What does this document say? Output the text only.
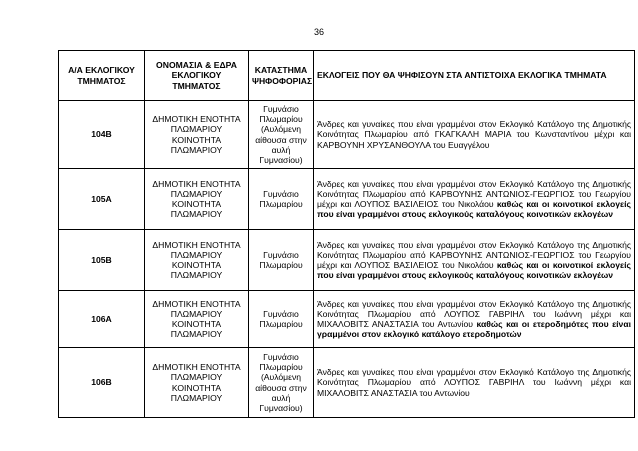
36
Α/Α ΕΚΛΟΓΙΚΟΥ ΤΜΗΜΑΤΟΣ	ΟΝΟΜΑΣΙΑ & ΕΔΡΑ ΕΚΛΟΓΙΚΟΥ ΤΜΗΜΑΤΟΣ	ΚΑΤΑΣΤΗΜΑ ΨΗΦΟΦΟΡΙΑΣ	ΕΚΛΟΓΕΙΣ ΠΟΥ ΘΑ ΨΗΦΙΣΟΥΝ ΣΤΑ ΑΝΤΙΣΤΟΙΧΑ ΕΚΛΟΓΙΚΑ ΤΜΗΜΑΤΑ
104Β	ΔΗΜΟΤΙΚΗ ΕΝΟΤΗΤΑ ΠΛΩΜΑΡΙΟΥ ΚΟΙΝΟΤΗΤΑ ΠΛΩΜΑΡΙΟΥ	Γυμνάσιο Πλωμαρίου (Αυλόμενη αίθουσα στην αυλή Γυμνασίου)	Άνδρες και γυναίκες που είναι γραμμένοι στον Εκλογικό Κατάλογο της Δημοτικής Κοινότητας Πλωμαρίου από ΓΚΑΓΚΑΛΗ ΜΑΡΙΑ του Κωνσταντίνου μέχρι και ΚΑΡΒΟΥΝΗ ΧΡΥΣΑΝΘΟΥΛΑ του Ευαγγέλου
105Α	ΔΗΜΟΤΙΚΗ ΕΝΟΤΗΤΑ ΠΛΩΜΑΡΙΟΥ ΚΟΙΝΟΤΗΤΑ ΠΛΩΜΑΡΙΟΥ	Γυμνάσιο Πλωμαρίου	Άνδρες και γυναίκες που είναι γραμμένοι στον Εκλογικό Κατάλογο της Δημοτικής Κοινότητας Πλωμαρίου από ΚΑΡΒΟΥΝΗΣ ΑΝΤΩΝΙΟΣ-ΓΕΩΡΓΙΟΣ του Γεωργίου μέχρι και ΛΟΥΠΟΣ ΒΑΣΙΛΕΙΟΣ του Νικολάου καθώς και οι κοινοτικοί εκλογείς που είναι γραμμένοι στους εκλογικούς καταλόγους κοινοτικών εκλογέων
105Β	ΔΗΜΟΤΙΚΗ ΕΝΟΤΗΤΑ ΠΛΩΜΑΡΙΟΥ ΚΟΙΝΟΤΗΤΑ ΠΛΩΜΑΡΙΟΥ	Γυμνάσιο Πλωμαρίου	Άνδρες και γυναίκες που είναι γραμμένοι στον Εκλογικό Κατάλογο της Δημοτικής Κοινότητας Πλωμαρίου από ΚΑΡΒΟΥΝΗΣ ΑΝΤΩΝΙΟΣ-ΓΕΩΡΓΙΟΣ του Γεωργίου μέχρι και ΛΟΥΠΟΣ ΒΑΣΙΛΕΙΟΣ του Νικολάου καθώς και οι κοινοτικοί εκλογείς που είναι γραμμένοι στους εκλογικούς καταλόγους κοινοτικών εκλογέων
106Α	ΔΗΜΟΤΙΚΗ ΕΝΟΤΗΤΑ ΠΛΩΜΑΡΙΟΥ ΚΟΙΝΟΤΗΤΑ ΠΛΩΜΑΡΙΟΥ	Γυμνάσιο Πλωμαρίου	Άνδρες και γυναίκες που είναι γραμμένοι στον Εκλογικό Κατάλογο της Δημοτικής Κοινότητας Πλωμαρίου από ΛΟΥΠΟΣ ΓΑΒΡΙΗΛ του Ιωάννη μέχρι και ΜΙΧΑΛΟΒΙΤΣ ΑΝΑΣΤΑΣΙΑ του Αντωνίου καθώς και οι ετεροδημότες που είναι γραμμένοι στον εκλογικό κατάλογο ετεροδημοτών
106Β	ΔΗΜΟΤΙΚΗ ΕΝΟΤΗΤΑ ΠΛΩΜΑΡΙΟΥ ΚΟΙΝΟΤΗΤΑ ΠΛΩΜΑΡΙΟΥ	Γυμνάσιο Πλωμαρίου (Αυλόμενη αίθουσα στην αυλή Γυμνασίου)	Άνδρες και γυναίκες που είναι γραμμένοι στον Εκλογικό Κατάλογο της Δημοτικής Κοινότητας Πλωμαρίου από ΛΟΥΠΟΣ ΓΑΒΡΙΗΛ του Ιωάννη μέχρι και ΜΙΧΑΛΟΒΙΤΣ ΑΝΑΣΤΑΣΙΑ του Αντωνίου
